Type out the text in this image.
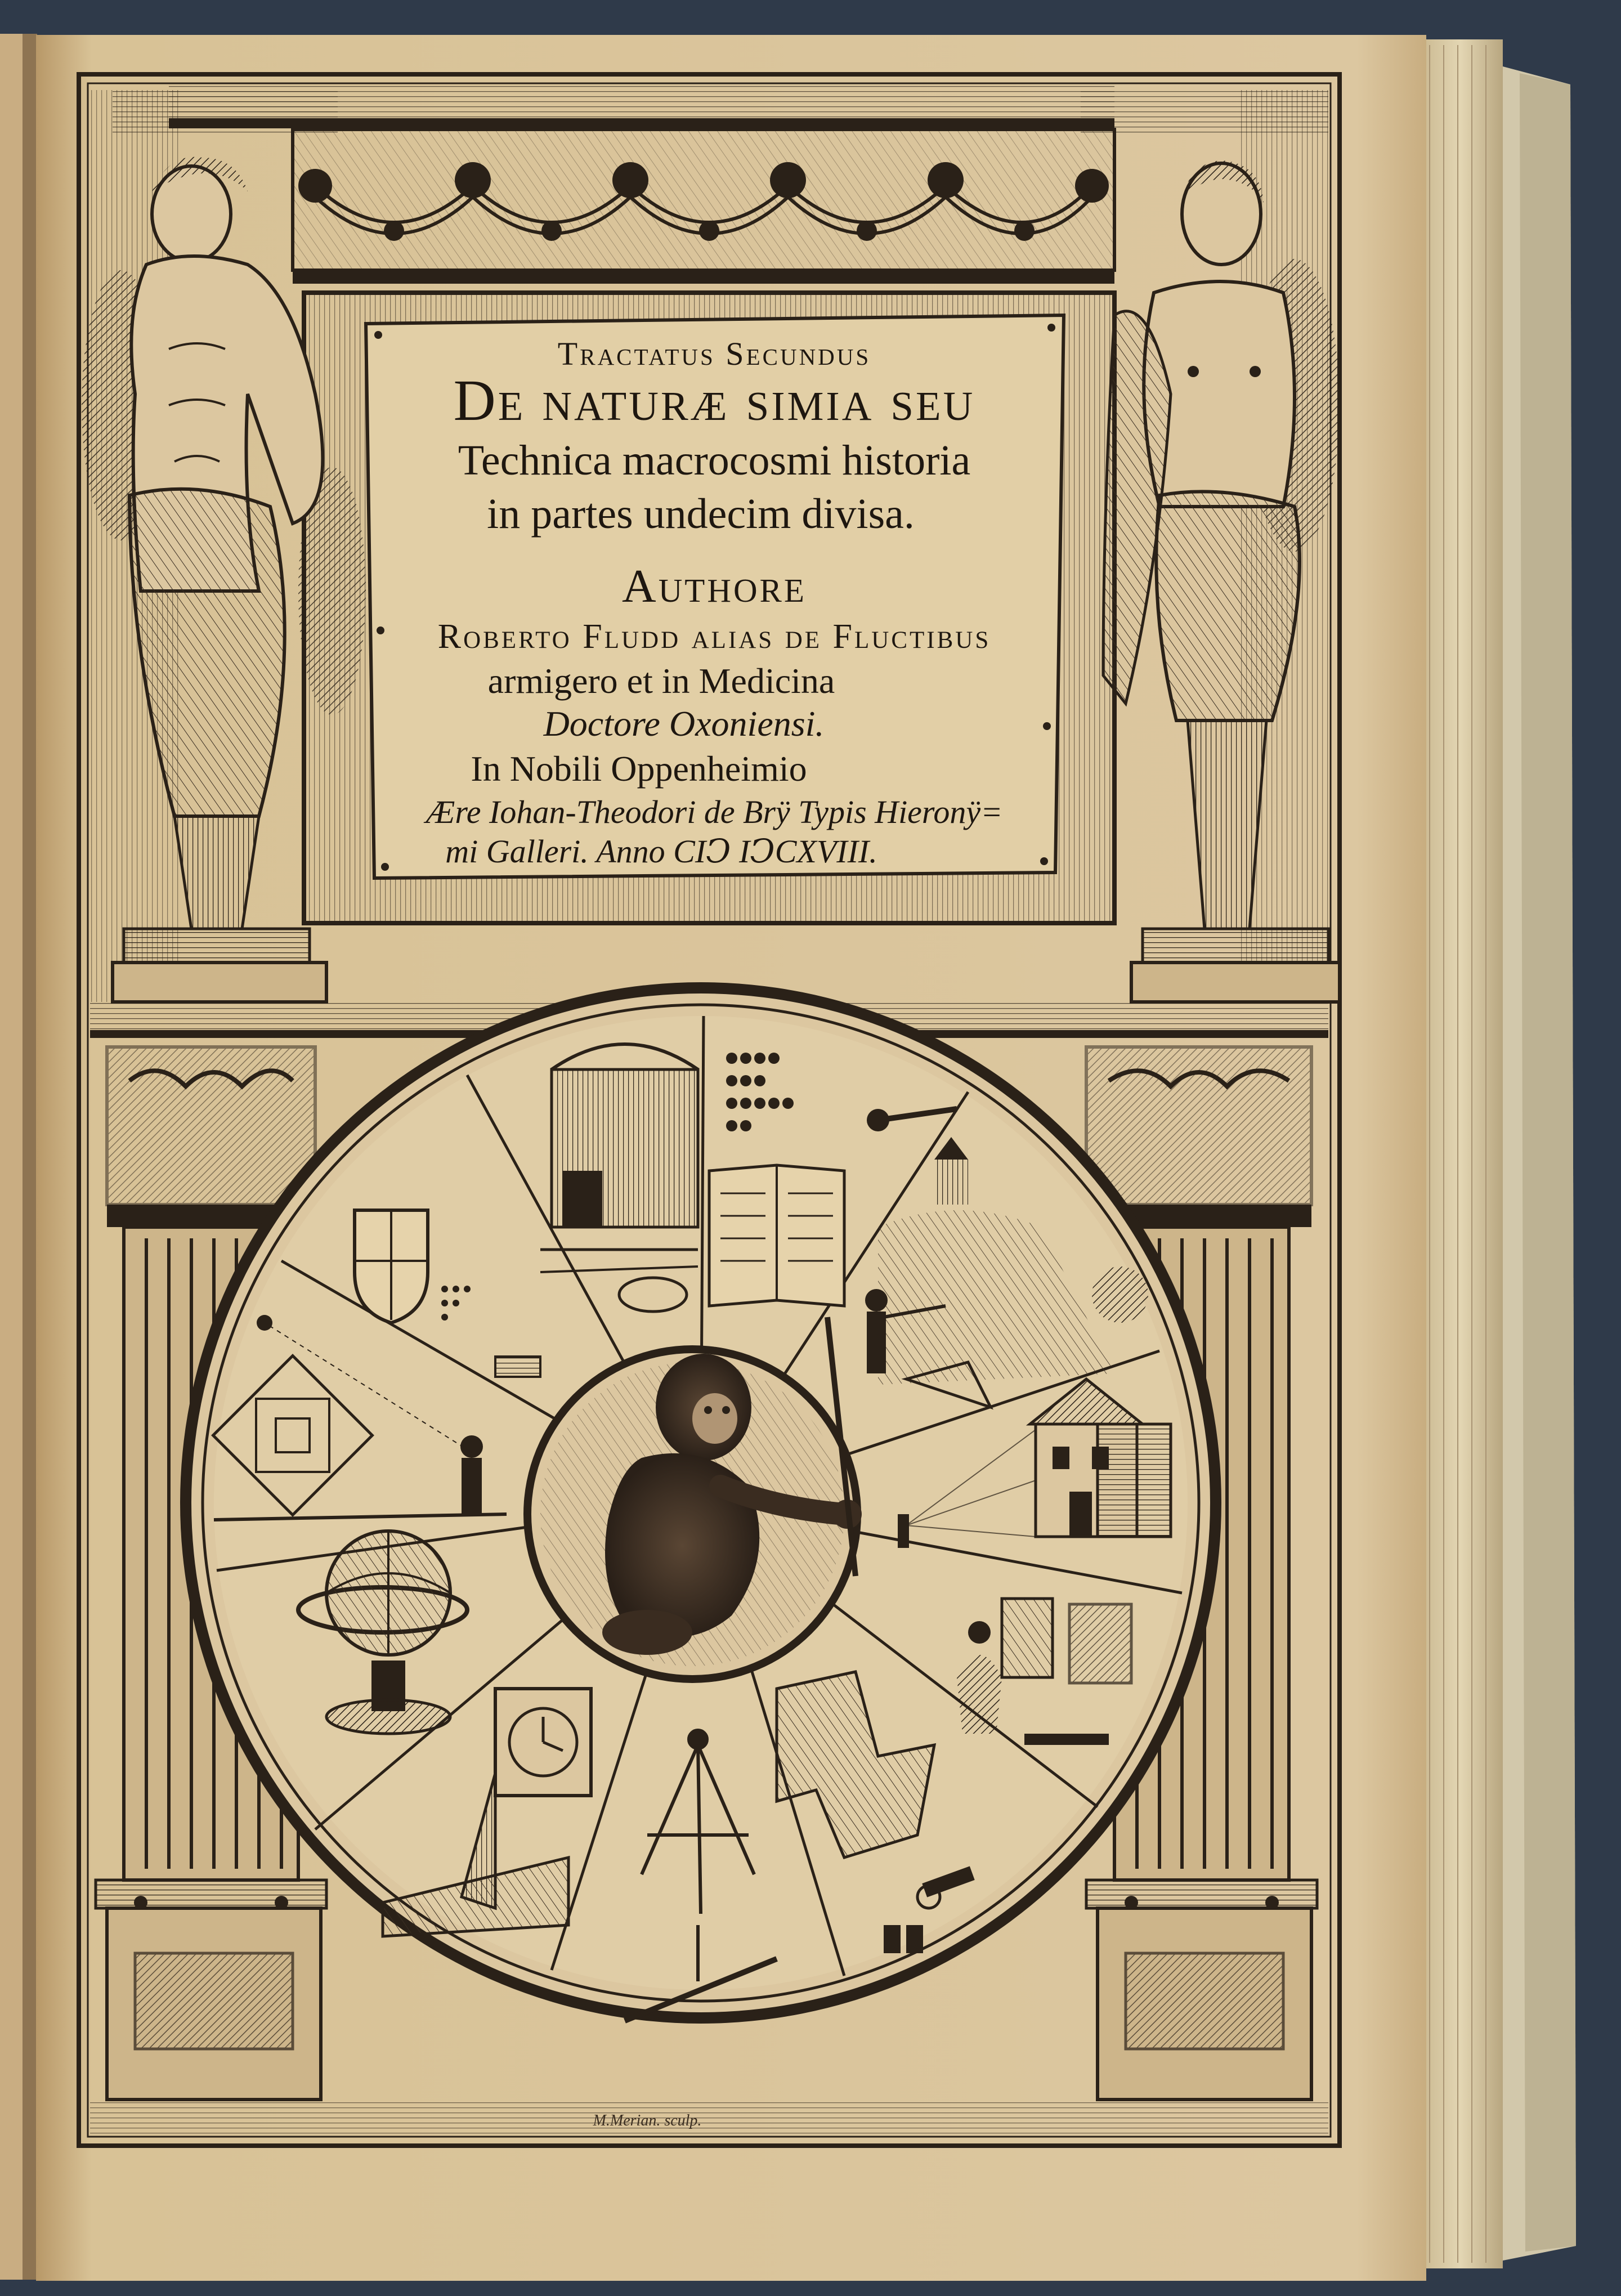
Tractatus Secundus
De naturæ simia seu
Technica macrocosmi historia
in partes undecim divisa.
Authore
Roberto Fludd alias de Fluctibus
armigero et in Medicina
Doctore Oxoniensi.
In Nobili Oppenheimio
Ære Iohan-Theodori de Brÿ Typis Hieronÿ=
mi Galleri. Anno CIↃ IↃCXVIII.
M.Merian. sculp.
